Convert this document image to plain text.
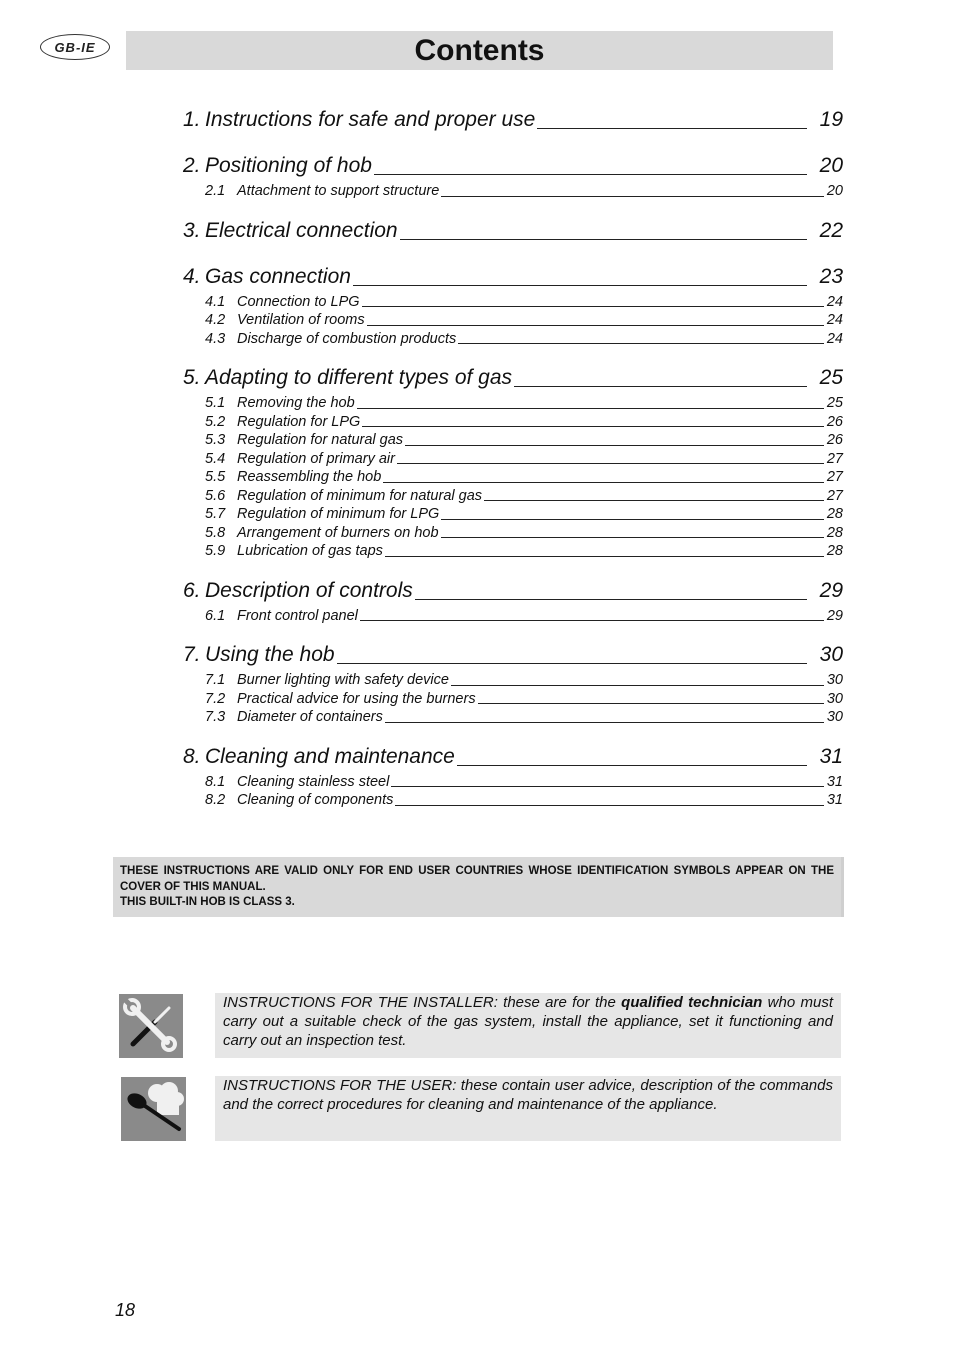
GB-IE	Contents
1. Instructions for safe and proper use	19
2. Positioning of hob	20
2.1 Attachment to support structure	20
3. Electrical connection	22
4. Gas connection	23
4.1 Connection to LPG	24
4.2 Ventilation of rooms	24
4.3 Discharge of combustion products	24
5. Adapting to different types of gas	25
5.1 Removing the hob	25
5.2 Regulation for LPG	26
5.3 Regulation for natural gas	26
5.4 Regulation of primary air	27
5.5 Reassembling the hob	27
5.6 Regulation of minimum for natural gas	27
5.7 Regulation of minimum for LPG	28
5.8 Arrangement of burners on hob	28
5.9 Lubrication of gas taps	28
6. Description of controls	29
6.1 Front control panel	29
7. Using the hob	30
7.1 Burner lighting with safety device	30
7.2 Practical advice for using the burners	30
7.3 Diameter of containers	30
8. Cleaning and maintenance	31
8.1 Cleaning stainless steel	31
8.2 Cleaning of components	31

THESE INSTRUCTIONS ARE VALID ONLY FOR END USER COUNTRIES WHOSE IDENTIFICATION SYMBOLS APPEAR ON THE COVER OF THIS MANUAL.

THIS BUILT-IN HOB IS CLASS 3.

INSTRUCTIONS FOR THE INSTALLER: these are for the qualified technician who must carry out a suitable check of the gas system, install the appliance, set it functioning and carry out an inspection test.
INSTRUCTIONS FOR THE USER: these contain user advice, description of the commands and the correct procedures for cleaning and maintenance of the appliance.
18
